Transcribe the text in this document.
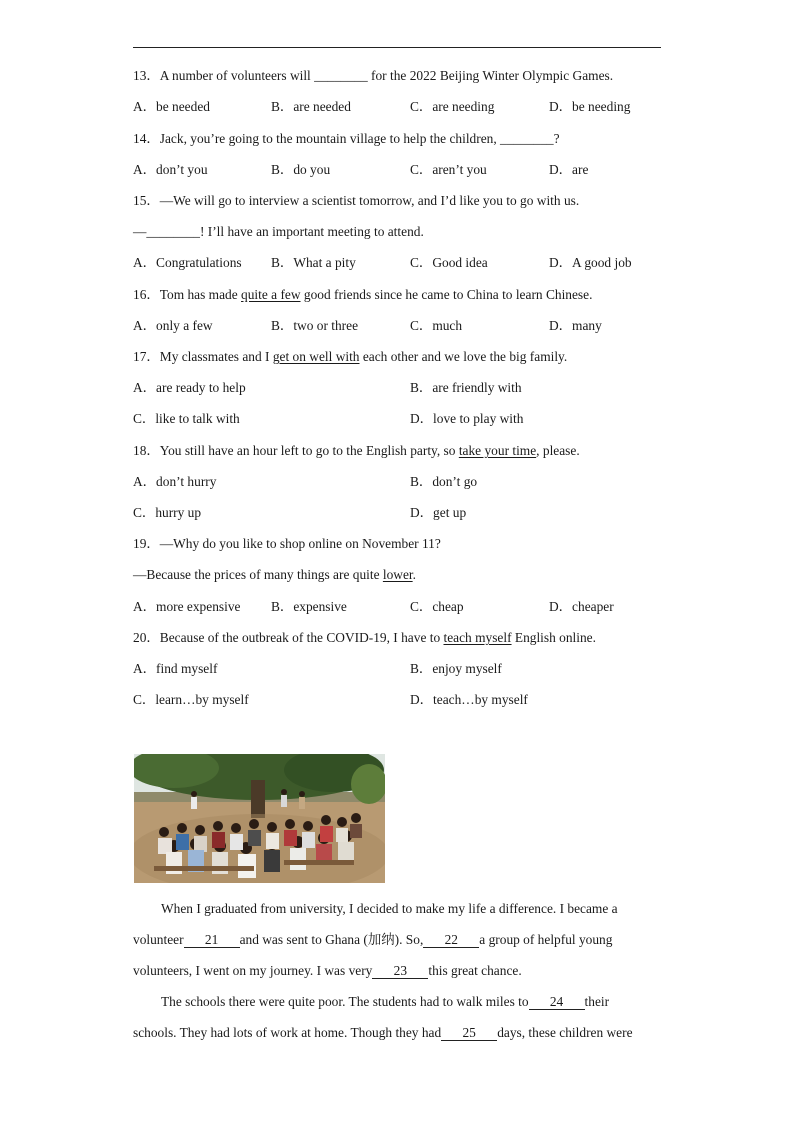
13．A number of volunteers will ________ for the 2022 Beijing Winter Olympic Games.
A．be needed	B．are needed	C．are needing	D．be needing
14．Jack, you’re going to the mountain village to help the children, ________?
A．don’t you	B．do you	C．aren’t you	D．are
15．—We will go to interview a scientist tomorrow, and I’d like you to go with us.
—________! I’ll have an important meeting to attend.
A．Congratulations B．What a pity	C．Good idea	D．A good job
16．Tom has made quite a few good friends since he came to China to learn Chinese.
A．only a few	B．two or three	C．much	D．many
17．My classmates and I get on well with each other and we love the big family.
A．are ready to help	B．are friendly with
C．like to talk with	D．love to play with
18．You still have an hour left to go to the English party, so take your time, please.
A．don’t hurry	B．don’t go
C．hurry up	D．get up
19．—Why do you like to shop online on November 11?
—Because the prices of many things are quite lower.
A．more expensive B．expensive	C．cheap	D．cheaper
20．Because of the outbreak of the COVID-19, I have to teach myself English online.
A．find myself	B．enjoy myself
C．learn…by myself	D．teach…by myself
When I graduated from university, I decided to make my life a difference. I became a
volunteer 21 and was sent to Ghana (加纳). So, 22 a group of helpful young
volunteers, I went on my journey. I was very 23 this great chance.
The schools there were quite poor. The students had to walk miles to 24 their
schools. They had lots of work at home. Though they had 25 days, these children were
